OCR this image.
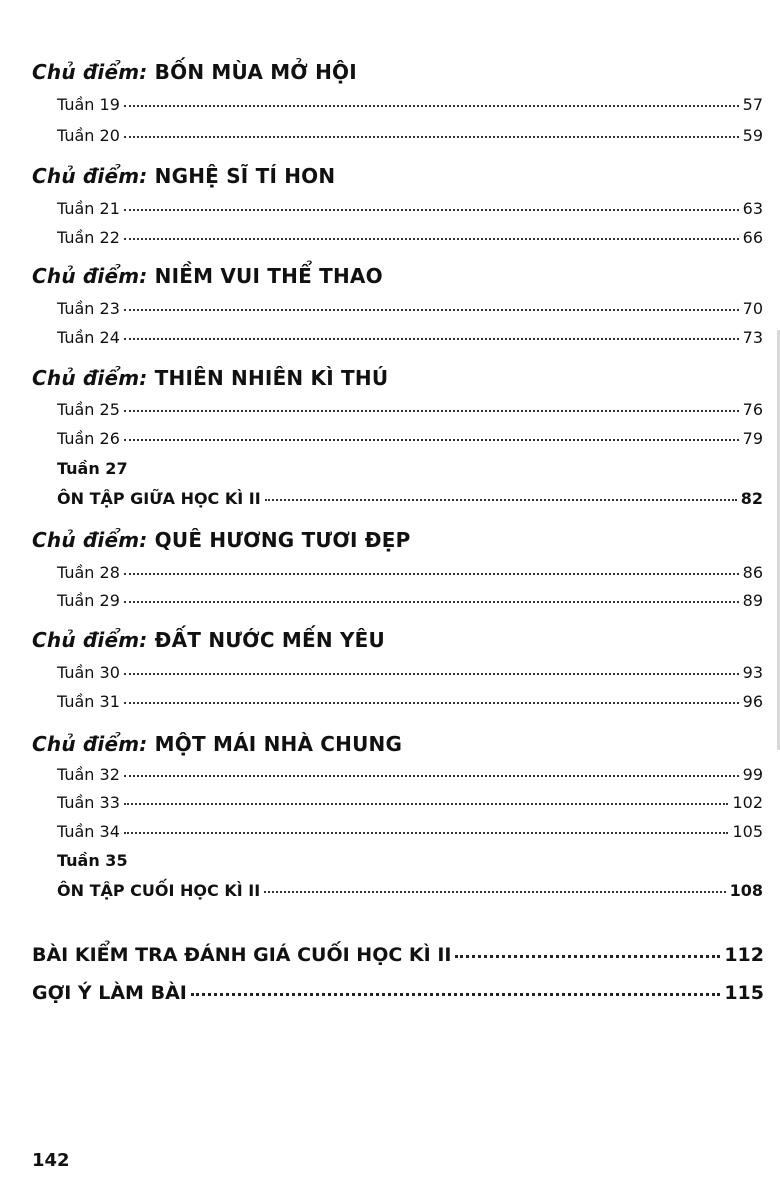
Chủ điểm: BỐN MÙA MỞ HỘI
Tuần 19	57
Tuần 20	59
Chủ điểm: NGHỆ SĨ TÍ HON
Tuần 21	63
Tuần 22	66
Chủ điểm: NIỀM VUI THỂ THAO
Tuần 23	70
Tuần 24	73
Chủ điểm: THIÊN NHIÊN KÌ THÚ
Tuần 25	76
Tuần 26	79
Tuần 27
ÔN TẬP GIỮA HỌC KÌ II	82
Chủ điểm: QUÊ HƯƠNG TƯƠI ĐẸP
Tuần 28	86
Tuần 29	89
Chủ điểm: ĐẤT NƯỚC MẾN YÊU
Tuần 30	93
Tuần 31	96
Chủ điểm: MỘT MÁI NHÀ CHUNG
Tuần 32	99
Tuần 33	102
Tuần 34	105
Tuần 35
ÔN TẬP CUỐI HỌC KÌ II	108
BÀI KIỂM TRA ĐÁNH GIÁ CUỐI HỌC KÌ II	112
GỢI Ý LÀM BÀI	115
142
